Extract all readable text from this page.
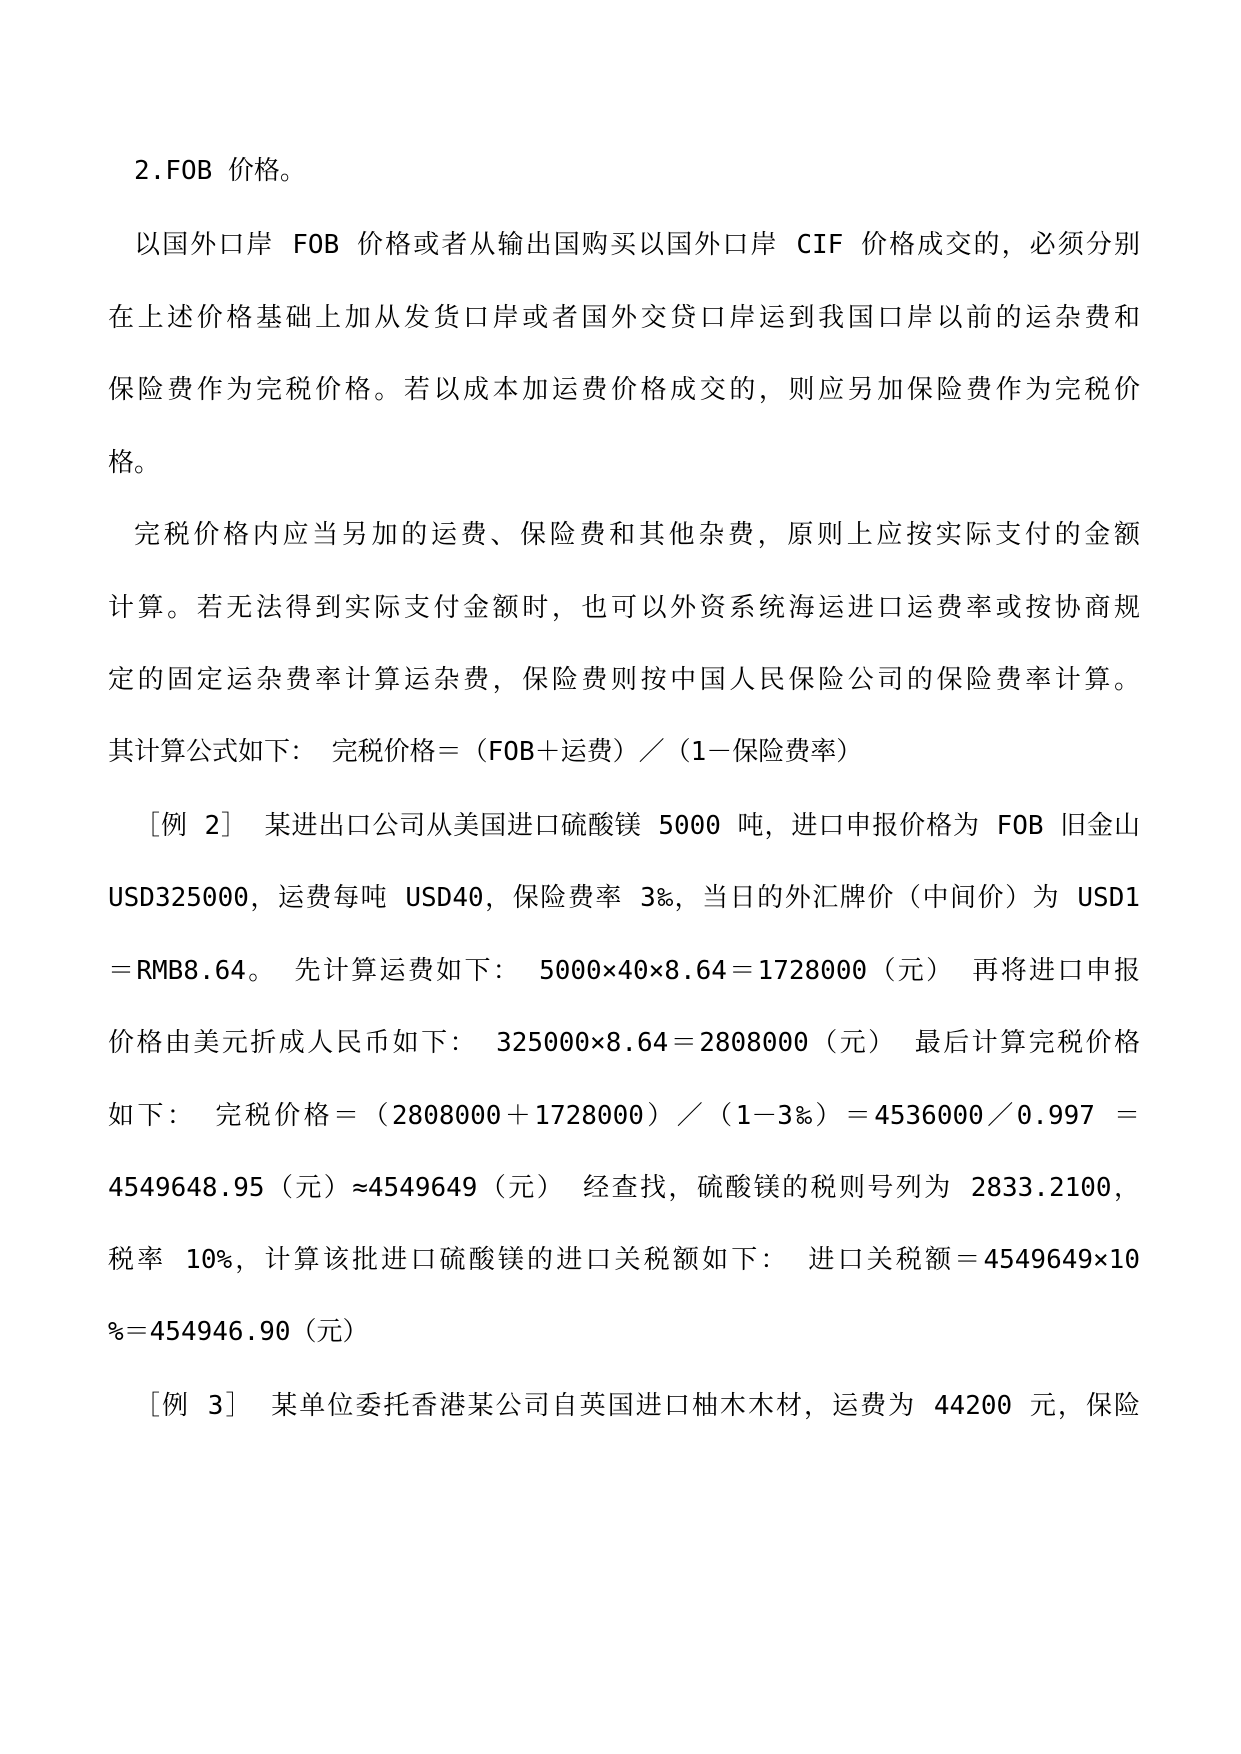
2.FOB 价格。
以国外口岸 FOB 价格或者从输出国购买以国外口岸 CIF 价格成交的，必须分别
在上述价格基础上加从发货口岸或者国外交贷口岸运到我国口岸以前的运杂费和
保险费作为完税价格。若以成本加运费价格成交的，则应另加保险费作为完税价
格。
完税价格内应当另加的运费、保险费和其他杂费，原则上应按实际支付的金额
计算。若无法得到实际支付金额时，也可以外资系统海运进口运费率或按协商规
定的固定运杂费率计算运杂费，保险费则按中国人民保险公司的保险费率计算。
其计算公式如下： 完税价格＝（FOB＋运费）／（1－保险费率）
［例 2］ 某进出口公司从美国进口硫酸镁 5000 吨，进口申报价格为 FOB 旧金山
USD325000，运费每吨 USD40，保险费率 3‰，当日的外汇牌价（中间价）为 USD1
＝RMB8.64。 先计算运费如下： 5000×40×8.64＝1728000（元） 再将进口申报
价格由美元折成人民币如下： 325000×8.64＝2808000（元） 最后计算完税价格
如下： 完税价格＝（2808000＋1728000）／（1－3‰）＝4536000／0.997 ＝
4549648.95（元）≈4549649（元） 经查找，硫酸镁的税则号列为 2833.2100，
税率 10%，计算该批进口硫酸镁的进口关税额如下： 进口关税额＝4549649×10
%＝454946.90（元）
［例 3］ 某单位委托香港某公司自英国进口柚木木材，运费为 44200 元，保险
